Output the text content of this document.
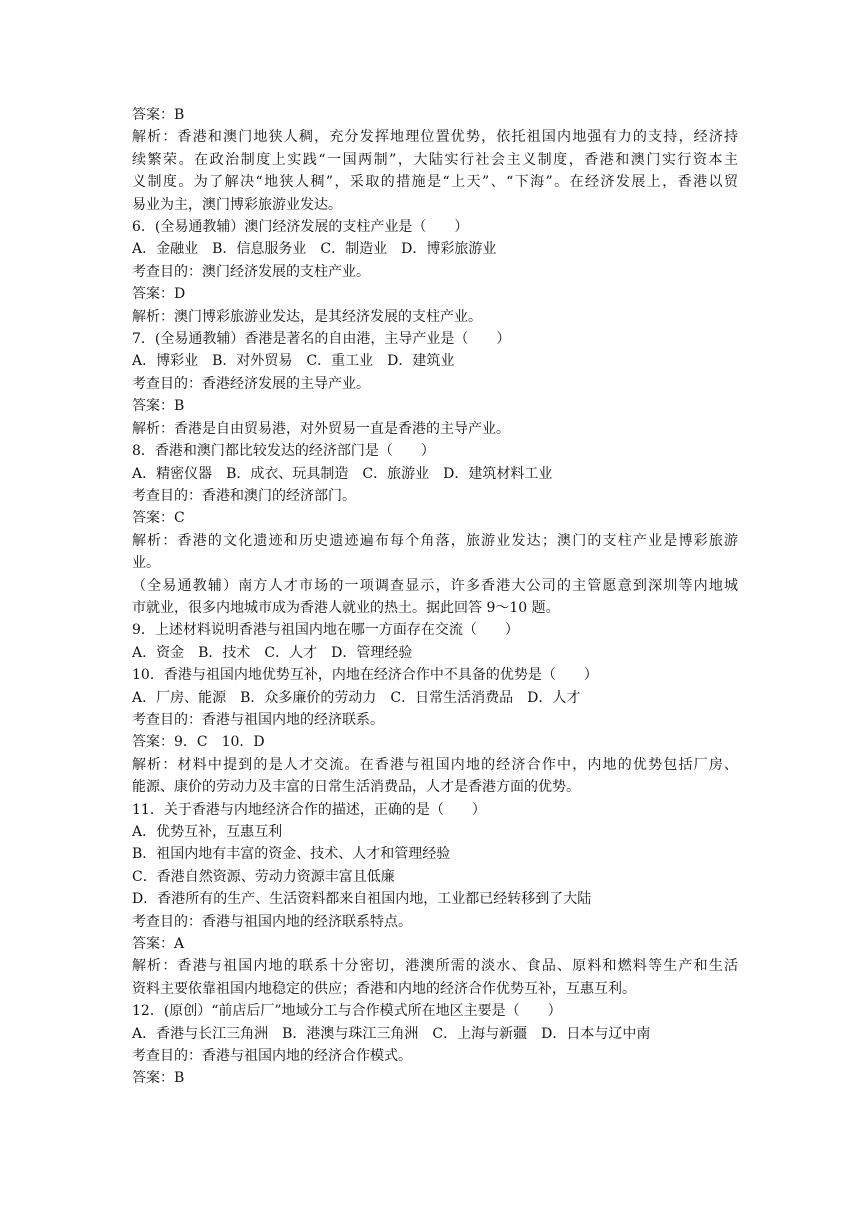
答案：B
解析：香港和澳门地狭人稠，充分发挥地理位置优势，依托祖国内地强有力的支持，经济持
续繁荣。在政治制度上实践“一国两制”，大陆实行社会主义制度，香港和澳门实行资本主
义制度。为了解决“地狭人稠”，采取的措施是“上天”、“下海”。在经济发展上，香港以贸
易业为主，澳门博彩旅游业发达。
6．(全易通教辅）澳门经济发展的支柱产业是（　　）
A．金融业　B．信息服务业　C．制造业　D．博彩旅游业
考查目的：澳门经济发展的支柱产业。
答案：D
解析：澳门博彩旅游业发达，是其经济发展的支柱产业。
7．(全易通教辅）香港是著名的自由港，主导产业是（　　）
A．博彩业　B．对外贸易　C．重工业　D．建筑业
考查目的：香港经济发展的主导产业。
答案：B
解析：香港是自由贸易港，对外贸易一直是香港的主导产业。
8．香港和澳门都比较发达的经济部门是（　　）
A．精密仪器　B．成衣、玩具制造　C．旅游业　D．建筑材料工业
考查目的：香港和澳门的经济部门。
答案：C
解析：香港的文化遗迹和历史遗迹遍布每个角落，旅游业发达；澳门的支柱产业是博彩旅游
业。
（全易通教辅）南方人才市场的一项调查显示，许多香港大公司的主管愿意到深圳等内地城
市就业，很多内地城市成为香港人就业的热土。据此回答 9～10 题。
9．上述材料说明香港与祖国内地在哪一方面存在交流（　　）
A．资金　B．技术　C．人才　D．管理经验
10．香港与祖国内地优势互补，内地在经济合作中不具备的优势是（　　）
A．厂房、能源　B．众多廉价的劳动力　C．日常生活消费品　D．人才
考查目的：香港与祖国内地的经济联系。
答案：9．C　10．D
解析：材料中提到的是人才交流。在香港与祖国内地的经济合作中，内地的优势包括厂房、
能源、康价的劳动力及丰富的日常生活消费品，人才是香港方面的优势。
11．关于香港与内地经济合作的描述，正确的是（　　）
A．优势互补，互惠互利
B．祖国内地有丰富的资金、技术、人才和管理经验
C．香港自然资源、劳动力资源丰富且低廉
D．香港所有的生产、生活资料都来自祖国内地，工业都已经转移到了大陆
考查目的：香港与祖国内地的经济联系特点。
答案：A
解析：香港与祖国内地的联系十分密切，港澳所需的淡水、食品、原料和燃料等生产和生活
资料主要依靠祖国内地稳定的供应；香港和内地的经济合作优势互补，互惠互利。
12．(原创）“前店后厂”地域分工与合作模式所在地区主要是（　　）
A．香港与长江三角洲　B．港澳与珠江三角洲　C．上海与新疆　D．日本与辽中南
考查目的：香港与祖国内地的经济合作模式。
答案：B
